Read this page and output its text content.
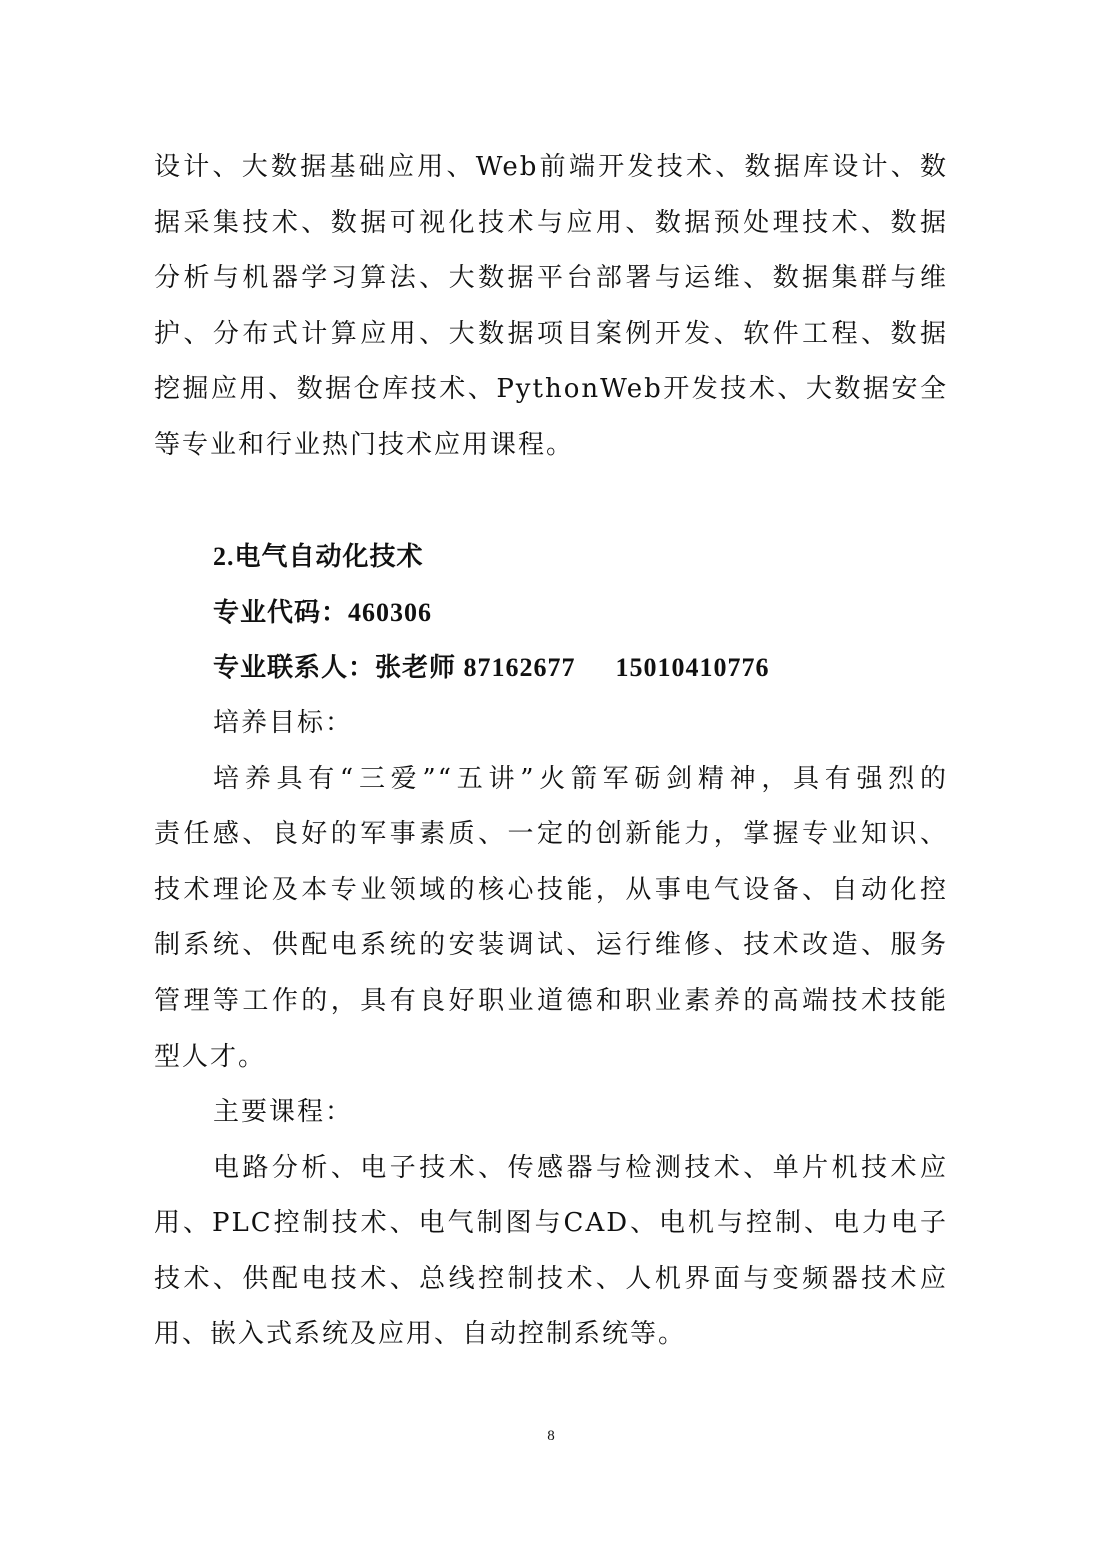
设计、大数据基础应用、Web前端开发技术、数据库设计、数
据采集技术、数据可视化技术与应用、数据预处理技术、数据
分析与机器学习算法、大数据平台部署与运维、数据集群与维
护、分布式计算应用、大数据项目案例开发、软件工程、数据
挖掘应用、数据仓库技术、PythonWeb开发技术、大数据安全
等专业和行业热门技术应用课程。
2.电气自动化技术
专业代码：460306
专业联系人：张老师 87162677 15010410776
培养目标：
培养具有“三爱”“五讲”火箭军砺剑精神，具有强烈的
责任感、良好的军事素质、一定的创新能力，掌握专业知识、
技术理论及本专业领域的核心技能，从事电气设备、自动化控
制系统、供配电系统的安装调试、运行维修、技术改造、服务
管理等工作的，具有良好职业道德和职业素养的高端技术技能
型人才。
主要课程：
电路分析、电子技术、传感器与检测技术、单片机技术应
用、PLC控制技术、电气制图与CAD、电机与控制、电力电子
技术、供配电技术、总线控制技术、人机界面与变频器技术应
用、嵌入式系统及应用、自动控制系统等。
8
